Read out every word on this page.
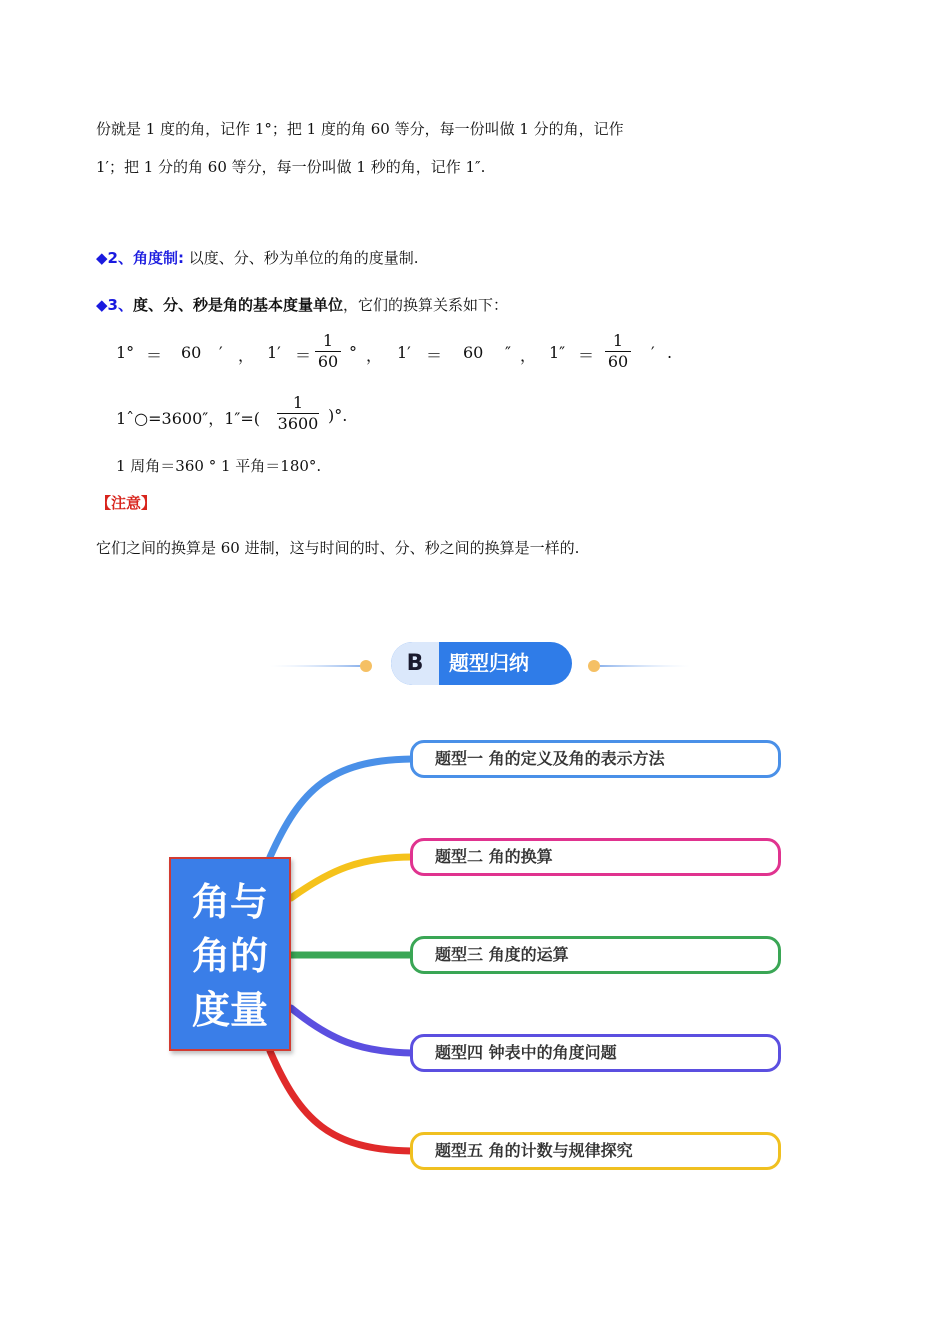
份就是 1 度的角，记作 1°；把 1 度的角 60 等分，每一份叫做 1 分的角，记作
1′；把 1 分的角 60 等分，每一份叫做 1 秒的角，记作 1″.
◆2、角度制: 以度、分、秒为单位的角的度量制.
◆3、度、分、秒是角的基本度量单位，它们的换算关系如下：
1° ＝ 60 ′ ， 1′ ＝
1
60 ° ， 1′ ＝ 60 ″ ， 1″ ＝
1
60 ′ .
1ˆ○=3600″，1″=(
1
3600 )°.
1 周角＝360 ° 1 平角＝180°.
【注意】
它们之间的换算是 60 进制，这与时间的时、分、秒之间的换算是一样的.
B	题型归纳
角与
角的
度量
题型一 角的定义及角的表示方法
题型二 角的换算
题型三 角度的运算
题型四 钟表中的角度问题
题型五 角的计数与规律探究
